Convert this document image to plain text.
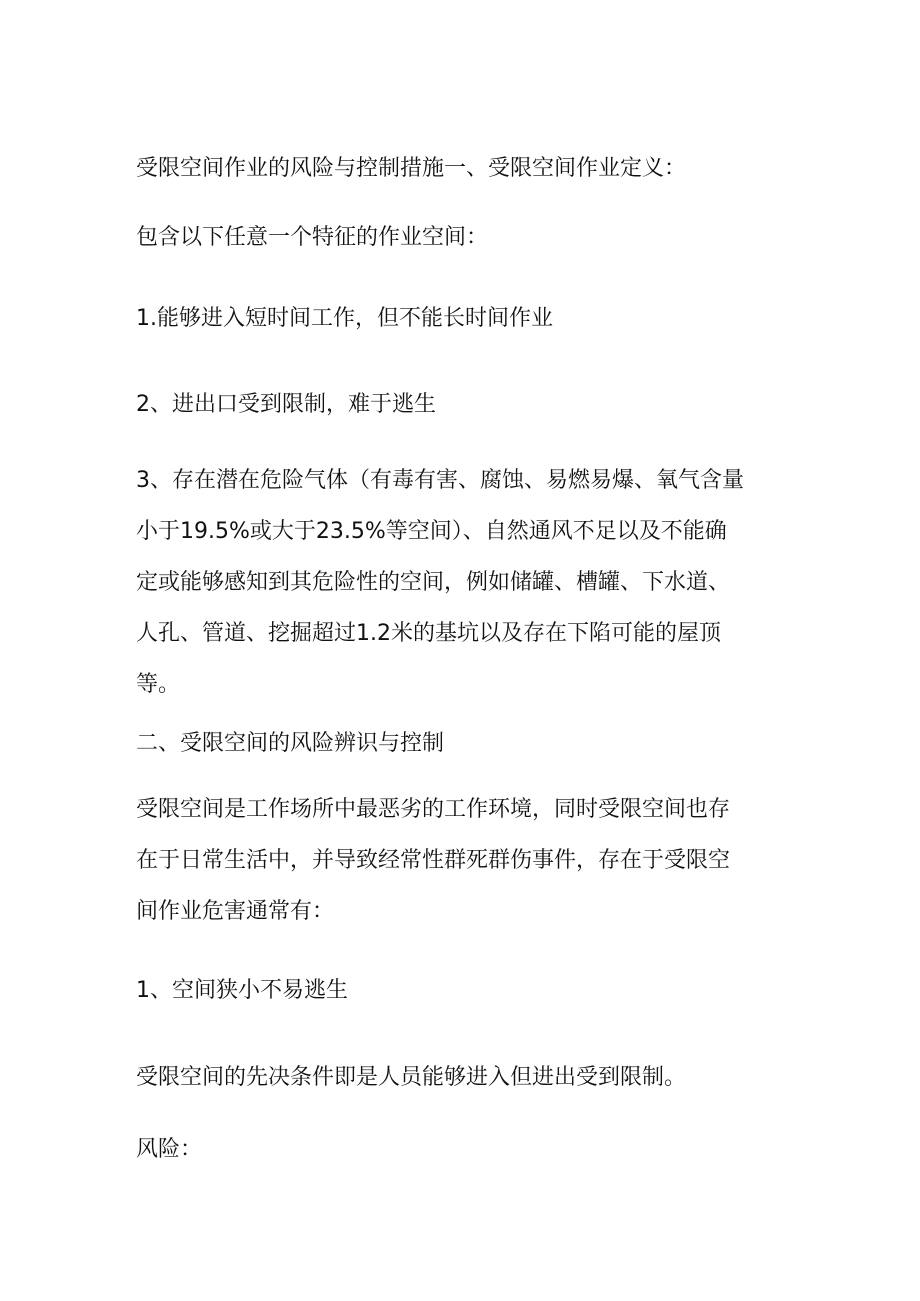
受限空间作业的风险与控制措施一、受限空间作业定义：

包含以下任意一个特征的作业空间：

1.能够进入短时间工作，但不能长时间作业

2、进出口受到限制，难于逃生

3、存在潜在危险气体（有毒有害、腐蚀、易燃易爆、氧气含量
小于19.5%或大于23.5%等空间）、自然通风不足以及不能确
定或能够感知到其危险性的空间，例如储罐、槽罐、下水道、
人孔、管道、挖掘超过1.2米的基坑以及存在下陷可能的屋顶
等。

二、受限空间的风险辨识与控制

受限空间是工作场所中最恶劣的工作环境，同时受限空间也存
在于日常生活中，并导致经常性群死群伤事件，存在于受限空
间作业危害通常有：

1、空间狭小不易逃生

受限空间的先决条件即是人员能够进入但进出受到限制。

风险：
